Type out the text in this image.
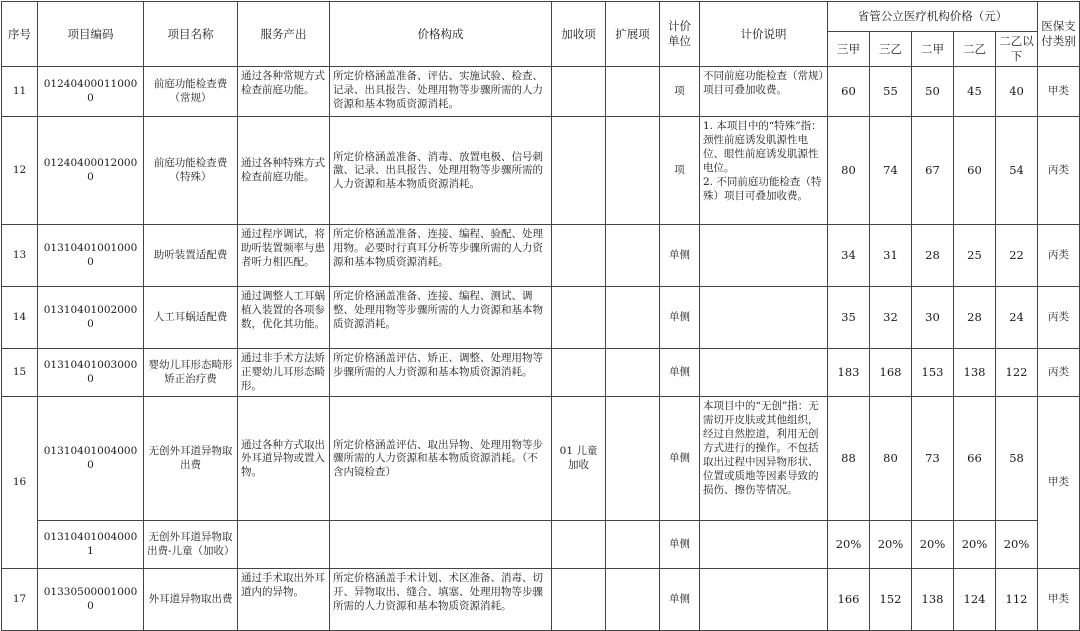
序号	项目编码	项目名称	服务产出	价格构成	加收项	扩展项	计价单位	计价说明	省管公立医疗机构价格（元）					医保支付类别
									三甲	三乙	二甲	二乙	二乙以下	
11	012404000110000	前庭功能检查费（常规）	通过各种常规方式检查前庭功能。	所定价格涵盖准备、评估、实施试验、检查、记录、出具报告、处理用物等步骤所需的人力资源和基本物质资源消耗。			项	不同前庭功能检查（常规）项目可叠加收费。	60	55	50	45	40	甲类
12	012404000120000	前庭功能检查费（特殊）	通过各种特殊方式检查前庭功能。	所定价格涵盖准备、消毒、放置电极、信号刺激、记录、出具报告、处理用物等步骤所需的人力资源和基本物质资源消耗。			项	1. 本项目中的“特殊”指：颈性前庭诱发肌源性电位、眼性前庭诱发肌源性电位。
2. 不同前庭功能检查（特殊）项目可叠加收费。	80	74	67	60	54	丙类
13	013104010010000	助听装置适配费	通过程序调试，将助听装置频率与患者听力相匹配。	所定价格涵盖准备、连接、编程、验配、处理用物。必要时行真耳分析等步骤所需的人力资源和基本物质资源消耗。			单侧		34	31	28	25	22	丙类
14	013104010020000	人工耳蜗适配费	通过调整人工耳蜗植入装置的各项参数，优化其功能。	所定价格涵盖准备、连接、编程、测试、调整、处理用物等步骤所需的人力资源和基本物质资源消耗。			单侧		35	32	30	28	24	丙类
15	013104010030000	婴幼儿耳形态畸形矫正治疗费	通过非手术方法矫正婴幼儿耳形态畸形。	所定价格涵盖评估、矫正、调整、处理用物等步骤所需的人力资源和基本物质资源消耗。			单侧		183	168	153	138	122	丙类
16	013104010040000	无创外耳道异物取出费	通过各种方式取出外耳道异物或置入物。	所定价格涵盖评估、取出异物、处理用物等步骤所需的人力资源和基本物质资源消耗。（不含内镜检查）	01 儿童加收		单侧	本项目中的“无创”指：无需切开皮肤或其他组织，经过自然腔道，利用无创方式进行的操作。不包括取出过程中因异物形状、位置或质地等因素导致的损伤、擦伤等情况。	88	80	73	66	58	甲类
	013104010040001	无创外耳道异物取出费-儿童（加收）					单侧		20%	20%	20%	20%	20%	
17	013305000010000	外耳道异物取出费	通过手术取出外耳道内的异物。	所定价格涵盖手术计划、术区准备、消毒、切开、异物取出、缝合、填塞、处理用物等步骤所需的人力资源和基本物质资源消耗。			单侧		166	152	138	124	112	甲类
